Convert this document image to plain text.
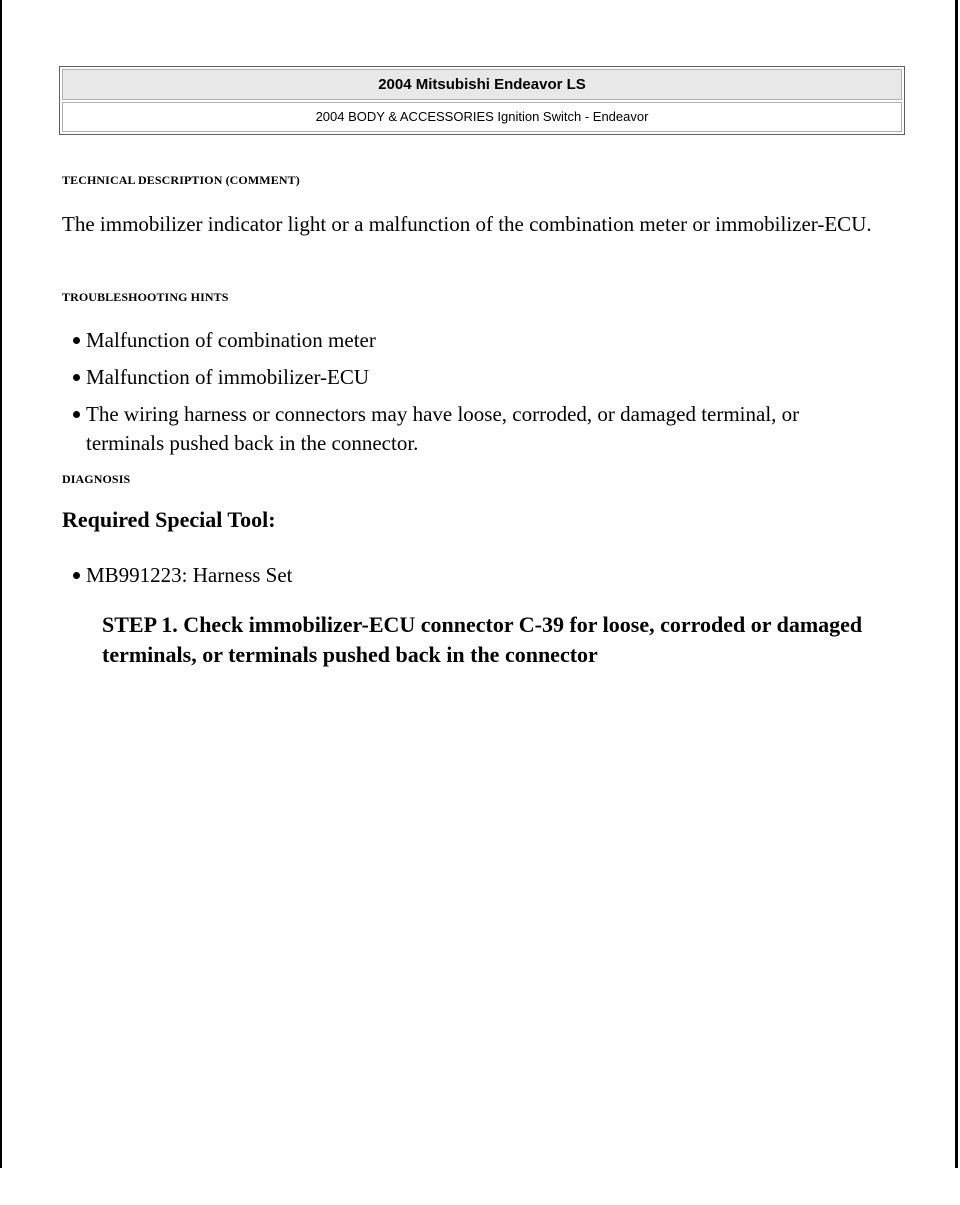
2004 Mitsubishi Endeavor LS
2004 BODY & ACCESSORIES Ignition Switch - Endeavor
TECHNICAL DESCRIPTION (COMMENT)
The immobilizer indicator light or a malfunction of the combination meter or immobilizer-ECU.
TROUBLESHOOTING HINTS
Malfunction of combination meter
Malfunction of immobilizer-ECU
The wiring harness or connectors may have loose, corroded, or damaged terminal, or terminals pushed back in the connector.
DIAGNOSIS
Required Special Tool:
MB991223: Harness Set
STEP 1. Check immobilizer-ECU connector C-39 for loose, corroded or damaged terminals, or terminals pushed back in the connector
